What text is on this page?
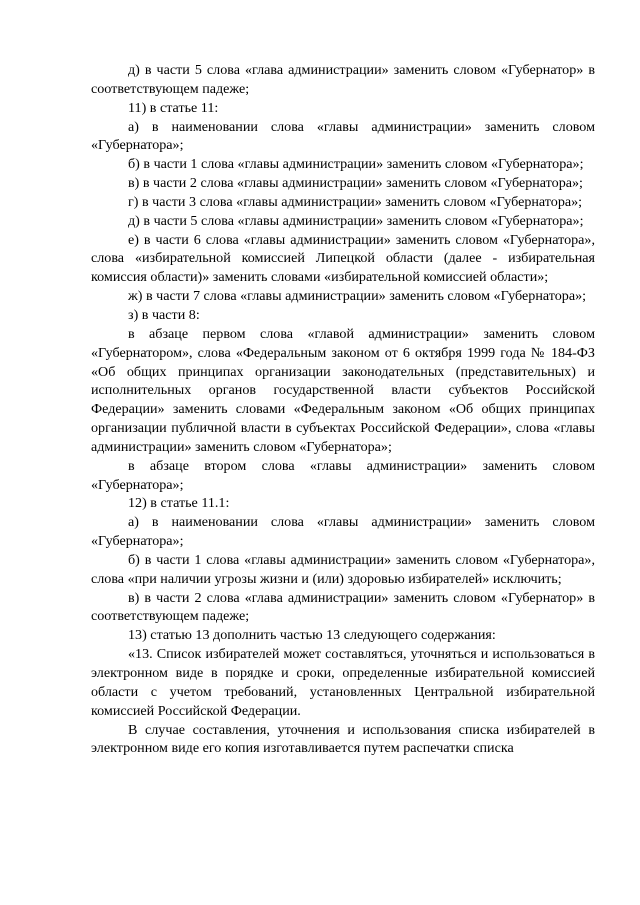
д) в части 5 слова «глава администрации» заменить словом «Губернатор» в соответствующем падеже;

11) в статье 11:

а) в наименовании слова «главы администрации» заменить словом «Губернатора»;

б) в части 1 слова «главы администрации» заменить словом «Губернатора»;

в) в части 2 слова «главы администрации» заменить словом «Губернатора»;

г) в части 3 слова «главы администрации» заменить словом «Губернатора»;

д) в части 5 слова «главы администрации» заменить словом «Губернатора»;

е) в части 6 слова «главы администрации» заменить словом «Губернатора», слова «избирательной комиссией Липецкой области (далее - избирательная комиссия области)» заменить словами «избирательной комиссией области»;

ж) в части 7 слова «главы администрации» заменить словом «Губернатора»;

з) в части 8:

в абзаце первом слова «главой администрации» заменить словом «Губернатором», слова «Федеральным законом от 6 октября 1999 года № 184-ФЗ «Об общих принципах организации законодательных (представительных) и исполнительных органов государственной власти субъектов Российской Федерации» заменить словами «Федеральным законом «Об общих принципах организации публичной власти в субъектах Российской Федерации», слова «главы администрации» заменить словом «Губернатора»;

в абзаце втором слова «главы администрации» заменить словом «Губернатора»;

12) в статье 11.1:

а) в наименовании слова «главы администрации» заменить словом «Губернатора»;

б) в части 1 слова «главы администрации» заменить словом «Губернатора», слова «при наличии угрозы жизни и (или) здоровью избирателей» исключить;

в) в части 2 слова «глава администрации» заменить словом «Губернатор» в соответствующем падеже;

13) статью 13 дополнить частью 13 следующего содержания:

«13. Список избирателей может составляться, уточняться и использоваться в электронном виде в порядке и сроки, определенные избирательной комиссией области с учетом требований, установленных Центральной избирательной комиссией Российской Федерации.

В случае составления, уточнения и использования списка избирателей в электронном виде его копия изготавливается путем распечатки списка
